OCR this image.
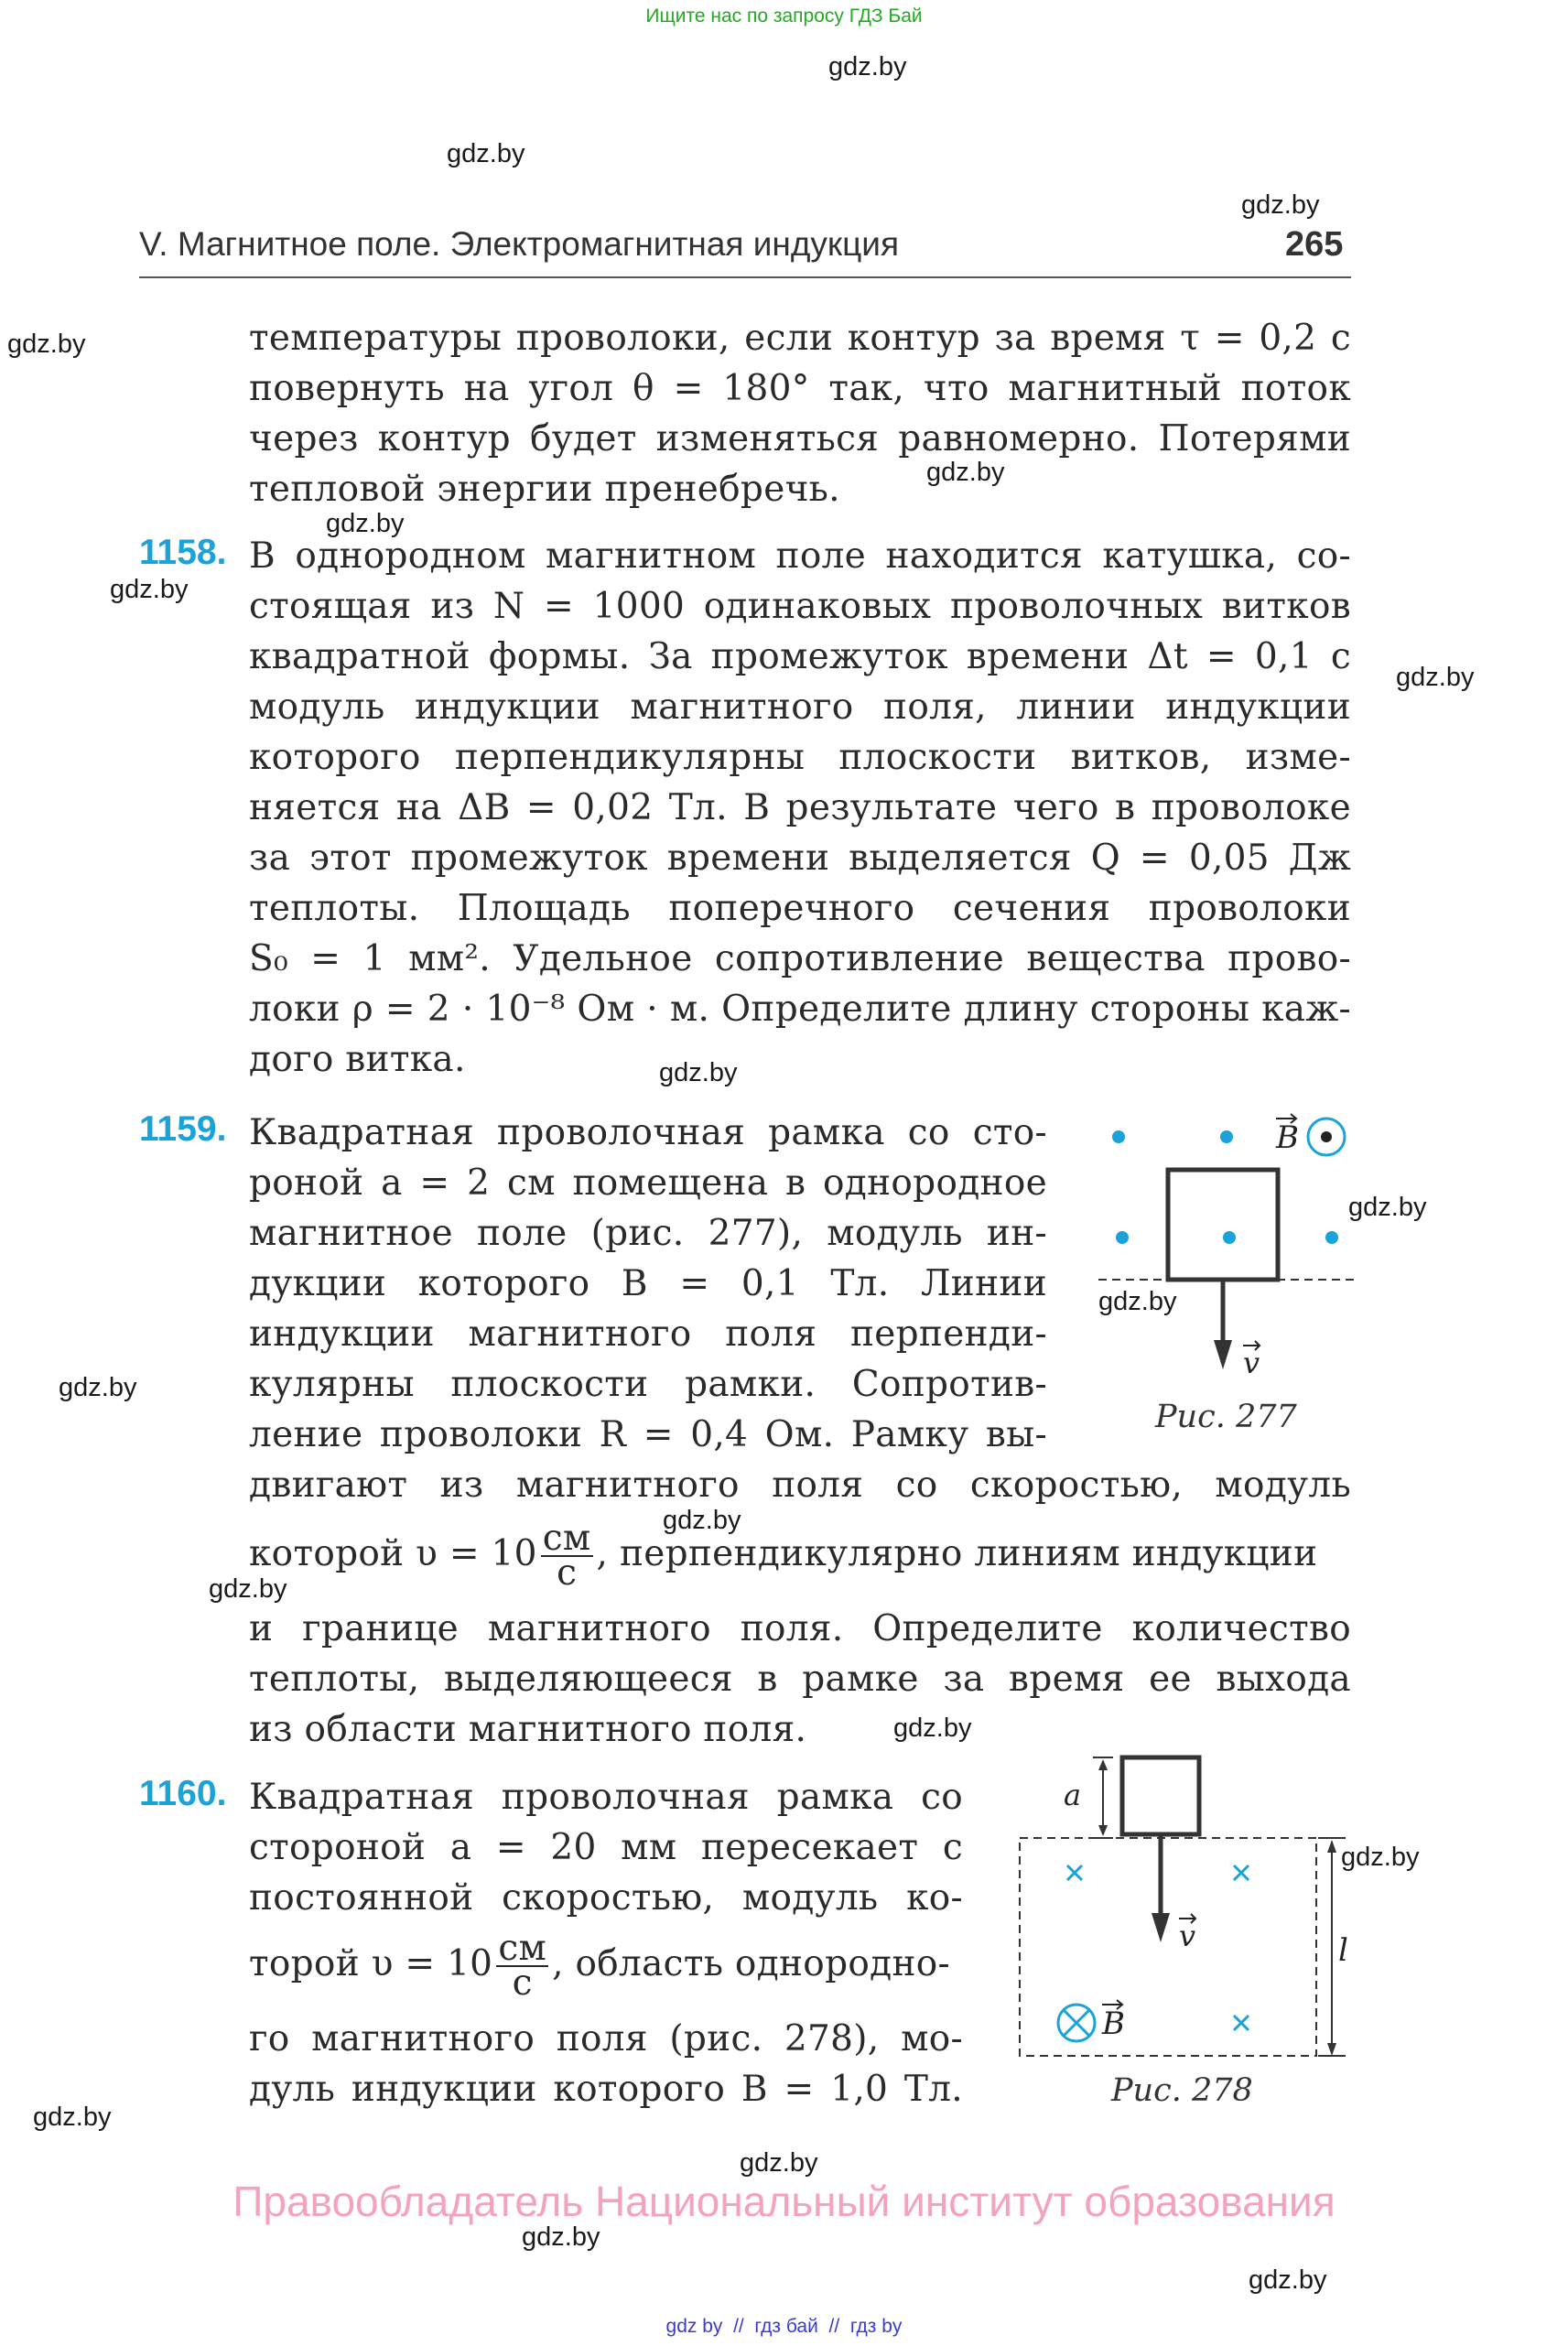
Ищите нас по запросу ГДЗ Бай
gdz.by
gdz.by
gdz.by
gdz.by
gdz.by
gdz.by
gdz.by
gdz.by
gdz.by
gdz.by
gdz.by
gdz.by
gdz.by
gdz.by
gdz.by
gdz.by
gdz.by
gdz.by
gdz.by
gdz.by
V. Магнитное поле. Электромагнитная индукция	265
температуры проволоки, если контур за время τ = 0,2 с
повернуть на угол θ = 180° так, что магнитный поток
через контур будет изменяться равномерно. Потерями
тепловой энергии пренебречь.
1158. В однородном магнитном поле находится катушка, со-
стоящая из N = 1000 одинаковых проволочных витков
квадратной формы. За промежуток времени Δt = 0,1 с
модуль индукции магнитного поля, линии индукции
которого перпендикулярны плоскости витков, изме-
няется на ΔB = 0,02 Тл. В результате чего в проволоке
за этот промежуток времени выделяется Q = 0,05 Дж
теплоты. Площадь поперечного сечения проволоки
S₀ = 1 мм². Удельное сопротивление вещества прово-
локи ρ = 2 · 10⁻⁸ Ом · м. Определите длину стороны каж-
дого витка.
1159. Квадратная проволочная рамка со сто-
роной a = 2 см помещена в однородное
магнитное поле (рис. 277), модуль ин-
дукции которого B = 0,1 Тл. Линии
индукции магнитного поля перпенди-
кулярны плоскости рамки. Сопротив-
ление проволоки R = 0,4 Ом. Рамку вы-
двигают из магнитного поля со скоростью, модуль
которой $\upsilon = 10 \frac{см}{с}$ , перпендикулярно линиям индукции
и границе магнитного поля. Определите количество
теплоты, выделяющееся в рамке за время ее выхода
из области магнитного поля.
B
v
Рис. 277
1160. Квадратная проволочная рамка со
стороной a = 20 мм пересекает с
постоянной скоростью, модуль ко-
торой $\upsilon = 10 \frac{см}{с}$ , область однородно-
го магнитного поля (рис. 278), мо-
дуль индукции которого B = 1,0 Тл.
a
v
B
l
Рис. 278
Правообладатель Национальный институт образования
gdz by  //  гдз бай  //  гдз by
